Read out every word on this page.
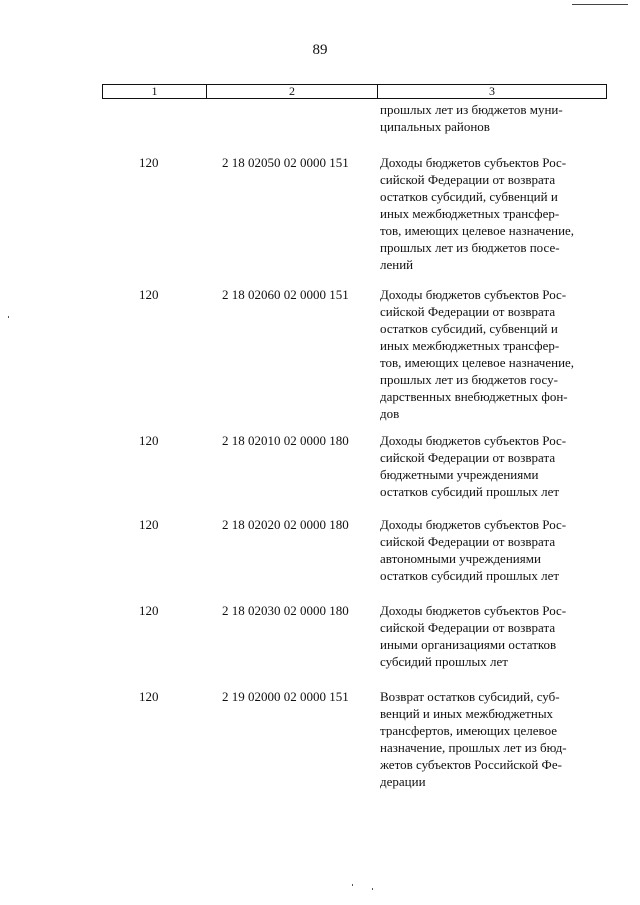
89
1	2	3
прошлых лет из бюджетов муни-
ципальных районов
120	2 18 02050 02 0000 151	Доходы бюджетов субъектов Рос-
сийской Федерации от возврата
остатков субсидий, субвенций и
иных межбюджетных трансфер-
тов, имеющих целевое назначение,
прошлых лет из бюджетов посе-
лений
120	2 18 02060 02 0000 151	Доходы бюджетов субъектов Рос-
сийской Федерации от возврата
остатков субсидий, субвенций и
иных межбюджетных трансфер-
тов, имеющих целевое назначение,
прошлых лет из бюджетов госу-
дарственных внебюджетных фон-
дов
120	2 18 02010 02 0000 180	Доходы бюджетов субъектов Рос-
сийской Федерации от возврата
бюджетными учреждениями
остатков субсидий прошлых лет
120	2 18 02020 02 0000 180	Доходы бюджетов субъектов Рос-
сийской Федерации от возврата
автономными учреждениями
остатков субсидий прошлых лет
120	2 18 02030 02 0000 180	Доходы бюджетов субъектов Рос-
сийской Федерации от возврата
иными организациями остатков
субсидий прошлых лет
120	2 19 02000 02 0000 151	Возврат остатков субсидий, суб-
венций и иных межбюджетных
трансфертов, имеющих целевое
назначение, прошлых лет из бюд-
жетов субъектов Российской Фе-
дерации
